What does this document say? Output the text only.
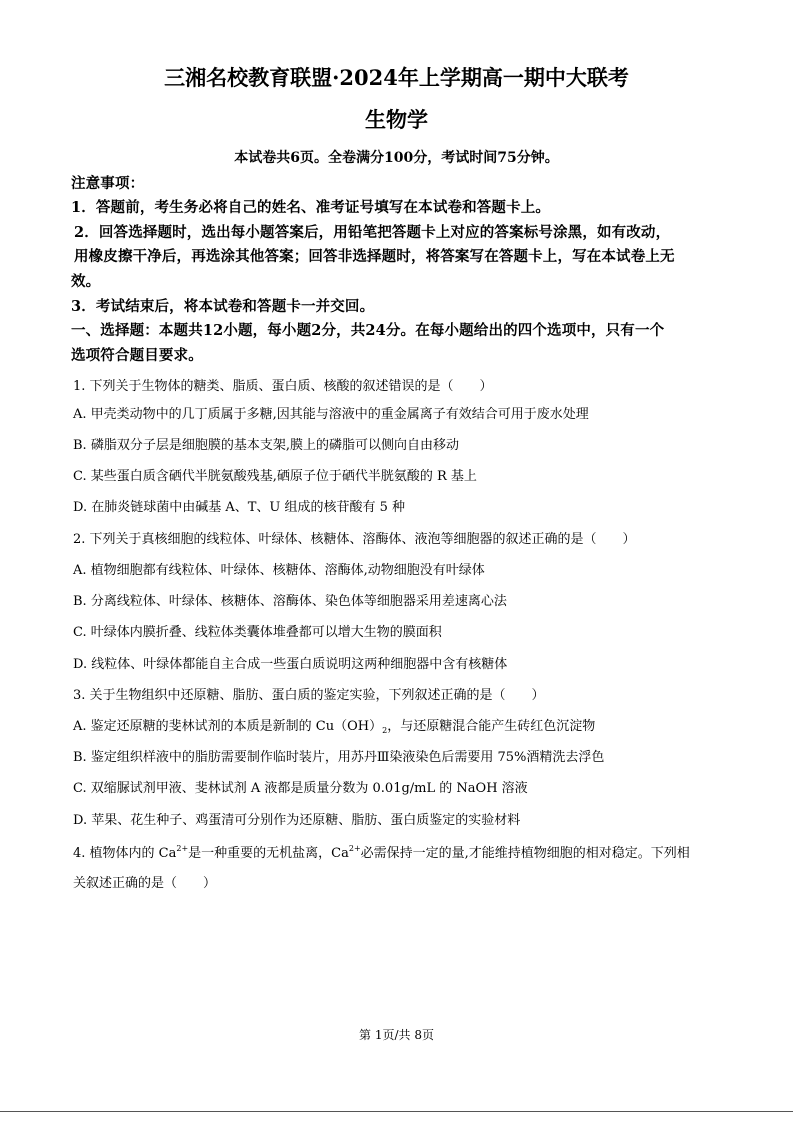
三湘名校教育联盟·2024年上学期高一期中大联考
生物学
本试卷共6页。全卷满分100分，考试时间75分钟。
注意事项：
1．答题前，考生务必将自己的姓名、准考证号填写在本试卷和答题卡上。
2．回答选择题时，选出每小题答案后，用铅笔把答题卡上对应的答案标号涂黑，如有改动，
用橡皮擦干净后，再选涂其他答案；回答非选择题时，将答案写在答题卡上，写在本试卷上无
效。
3．考试结束后，将本试卷和答题卡一并交回。
一、选择题：本题共12小题，每小题2分，共24分。在每小题给出的四个选项中，只有一个
选项符合题目要求。
1. 下列关于生物体的糖类、脂质、蛋白质、核酸的叙述错误的是（　　）
A. 甲壳类动物中的几丁质属于多糖,因其能与溶液中的重金属离子有效结合可用于废水处理
B. 磷脂双分子层是细胞膜的基本支架,膜上的磷脂可以侧向自由移动
C. 某些蛋白质含硒代半胱氨酸残基,硒原子位于硒代半胱氨酸的 R 基上
D. 在肺炎链球菌中由碱基 A、T、U 组成的核苷酸有 5 种
2. 下列关于真核细胞的线粒体、叶绿体、核糖体、溶酶体、液泡等细胞器的叙述正确的是（　　）
A. 植物细胞都有线粒体、叶绿体、核糖体、溶酶体,动物细胞没有叶绿体
B. 分离线粒体、叶绿体、核糖体、溶酶体、染色体等细胞器采用差速离心法
C. 叶绿体内膜折叠、线粒体类囊体堆叠都可以增大生物的膜面积
D. 线粒体、叶绿体都能自主合成一些蛋白质说明这两种细胞器中含有核糖体
3. 关于生物组织中还原糖、脂肪、蛋白质的鉴定实验，下列叙述正确的是（　　）
A. 鉴定还原糖的斐林试剂的本质是新制的 $Cu(OH)_2$，与还原糖混合能产生砖红色沉淀物
B. 鉴定组织样液中的脂肪需要制作临时装片，用苏丹Ⅲ染液染色后需要用 75%酒精洗去浮色
C. 双缩脲试剂甲液、斐林试剂 A 液都是质量分数为 0.01g/mL 的 NaOH 溶液
D. 苹果、花生种子、鸡蛋清可分别作为还原糖、脂肪、蛋白质鉴定的实验材料
4. 植物体内的 $Ca^{2+}$是一种重要的无机盐离，$Ca^{2+}$必需保持一定的量,才能维持植物细胞的相对稳定。下列相
关叙述正确的是（　　）
第 1页/共 8页
